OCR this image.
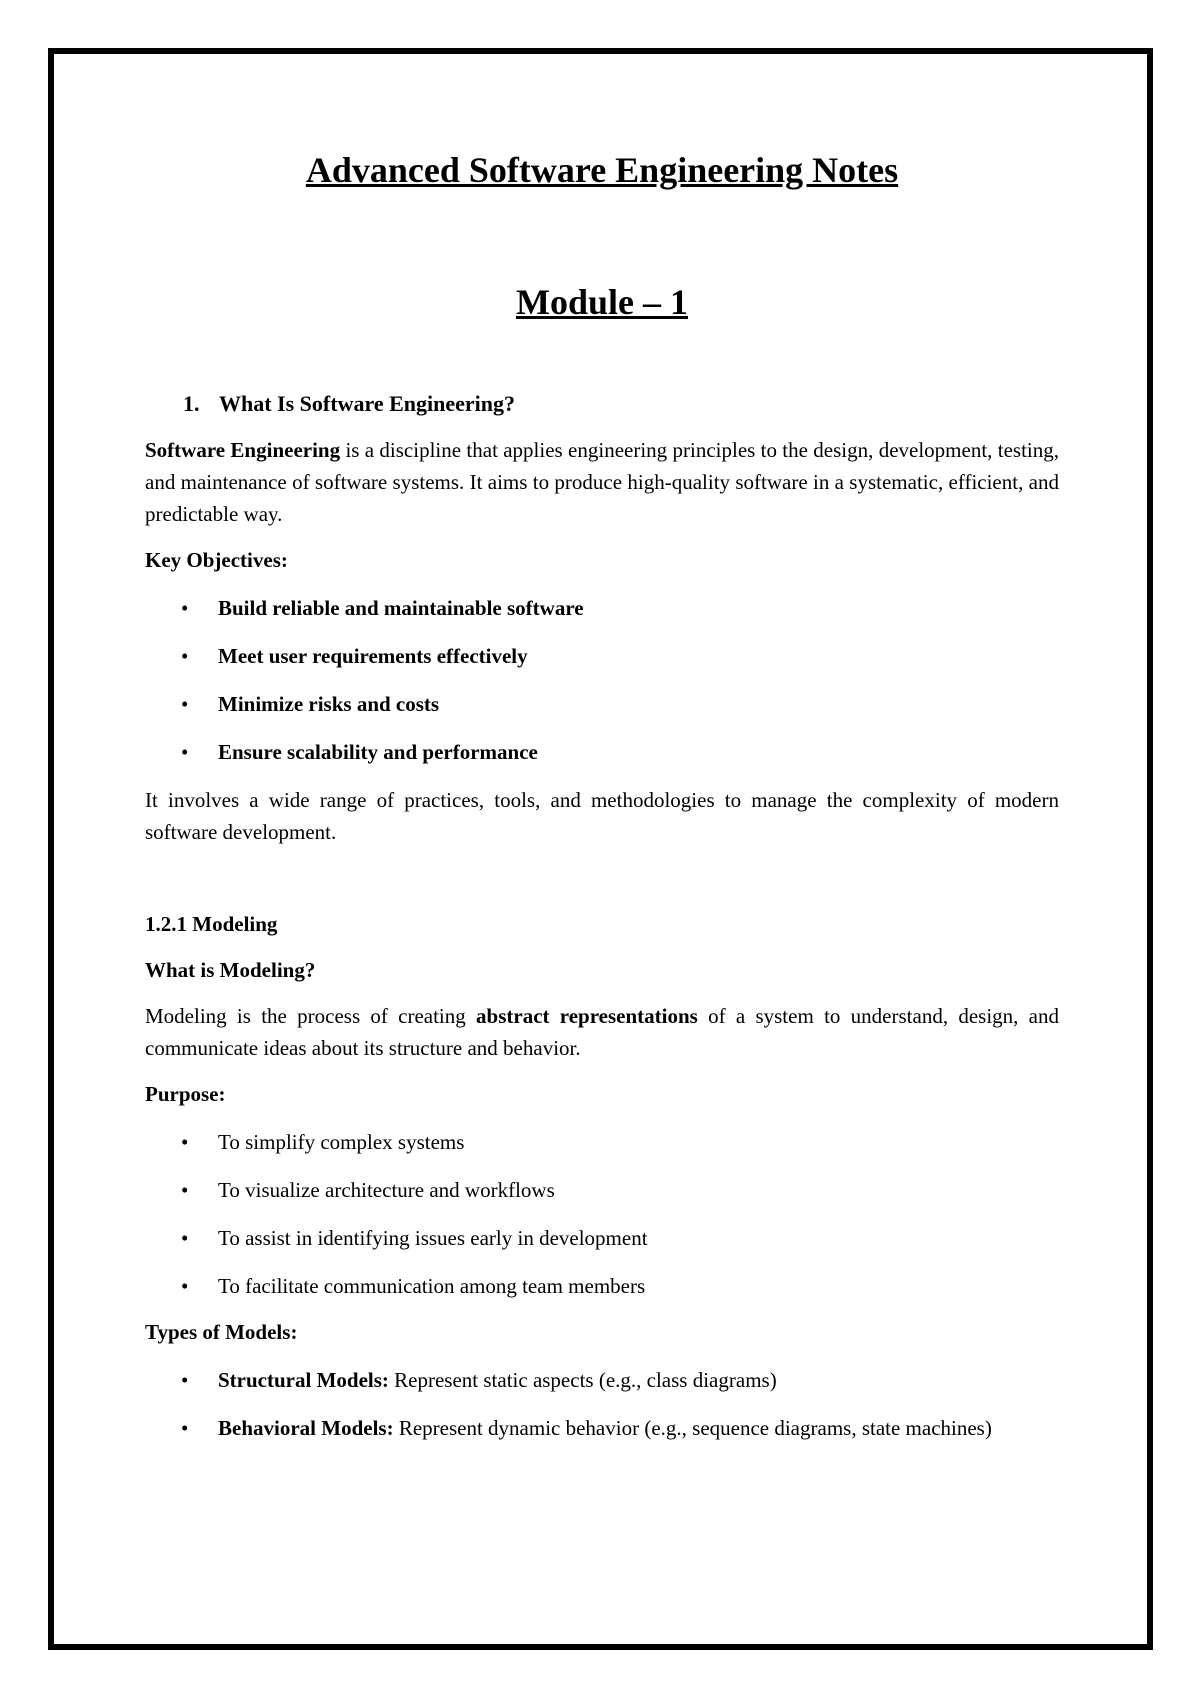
Advanced Software Engineering Notes
Module – 1
1. What Is Software Engineering?

Software Engineering is a discipline that applies engineering principles to the design, development, testing, and maintenance of software systems. It aims to produce high-quality software in a systematic, efficient, and predictable way.

Key Objectives:
• Build reliable and maintainable software
• Meet user requirements effectively
• Minimize risks and costs
• Ensure scalability and performance

It involves a wide range of practices, tools, and methodologies to manage the complexity of modern software development.

1.2.1 Modeling
What is Modeling?

Modeling is the process of creating abstract representations of a system to understand, design, and communicate ideas about its structure and behavior.

Purpose:
• To simplify complex systems
• To visualize architecture and workflows
• To assist in identifying issues early in development
• To facilitate communication among team members
Types of Models:
• Structural Models: Represent static aspects (e.g., class diagrams)
• Behavioral Models: Represent dynamic behavior (e.g., sequence diagrams, state machines)
